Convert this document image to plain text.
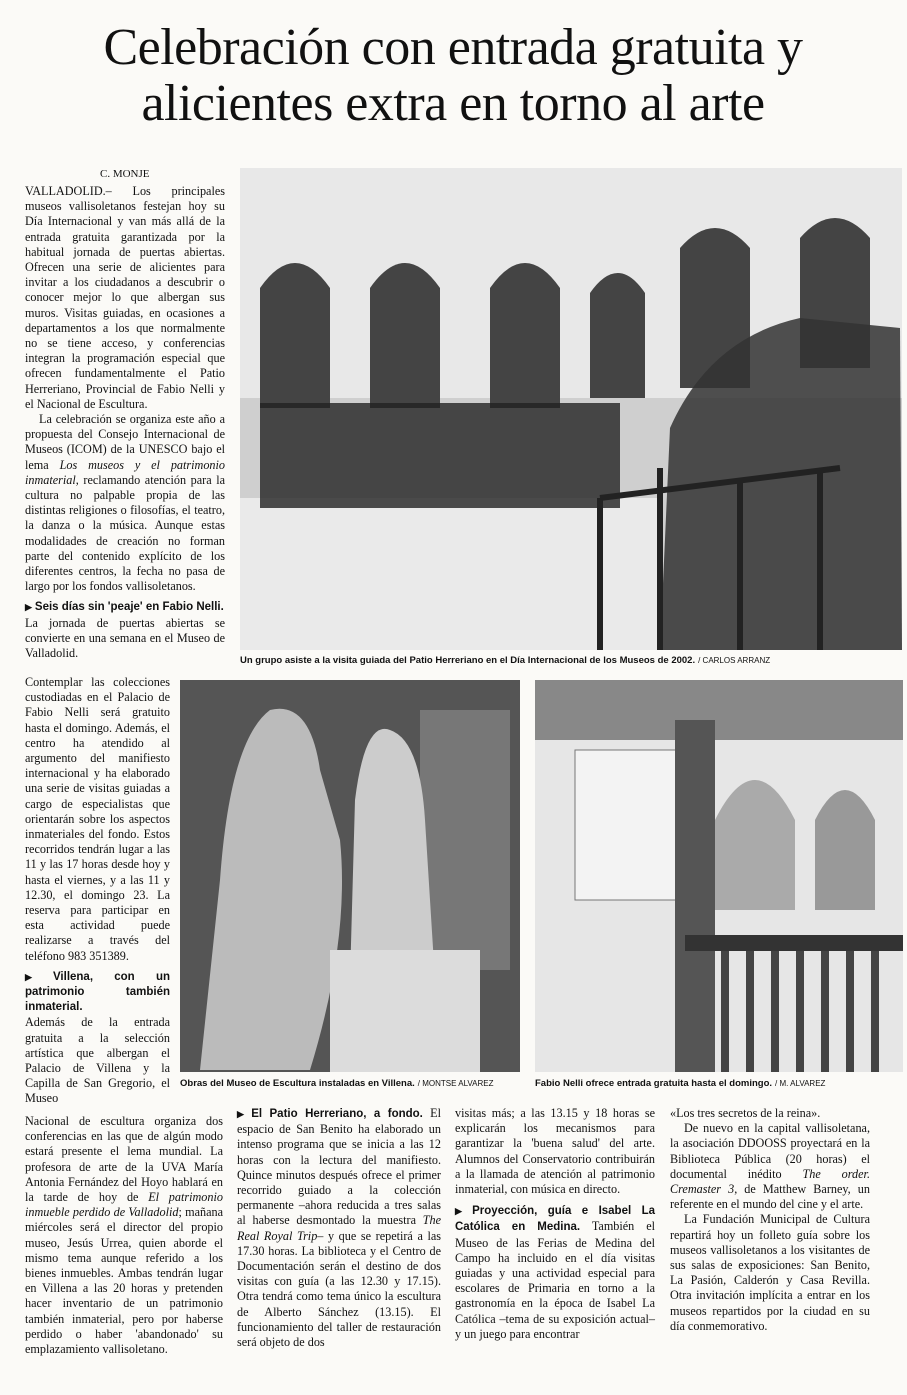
Celebración con entrada gratuita y
alicientes extra en torno al arte
C. MONJE

VALLADOLID.– Los principales museos vallisoletanos festejan hoy su Día Internacional y van más allá de la entrada gratuita garantizada por la habitual jornada de puertas abiertas. Ofrecen una serie de alicientes para invitar a los ciudadanos a descubrir o conocer mejor lo que albergan sus muros. Visitas guiadas, en ocasiones a departamentos a los que normalmente no se tiene acceso, y conferencias integran la programación especial que ofrecen fundamentalmente el Patio Herreriano, Provincial de Fabio Nelli y el Nacional de Escultura.

La celebración se organiza este año a propuesta del Consejo Internacional de Museos (ICOM) de la UNESCO bajo el lema Los museos y el patrimonio inmaterial, reclamando atención para la cultura no palpable propia de las distintas religiones o filosofías, el teatro, la danza o la música. Aunque estas modalidades de creación no forman parte del contenido explícito de los diferentes centros, la fecha no pasa de largo por los fondos vallisoletanos.

▶ Seis días sin 'peaje' en Fabio Nelli.

La jornada de puertas abiertas se convierte en una semana en el Museo de Valladolid.

Contemplar las colecciones custodiadas en el Palacio de Fabio Nelli será gratuito hasta el domingo. Además, el centro ha atendido al argumento del manifiesto internacional y ha elaborado una serie de visitas guiadas a cargo de especialistas que orientarán sobre los aspectos inmateriales del fondo. Estos recorridos tendrán lugar a las 11 y las 17 horas desde hoy y hasta el viernes, y a las 11 y 12.30, el domingo 23. La reserva para participar en esta actividad puede realizarse a través del teléfono 983 351389.

▶ Villena, con un patrimonio también inmaterial.

Además de la entrada gratuita a la selección artística que albergan el Palacio de Villena y la Capilla de San Gregorio, el Museo

Nacional de escultura organiza dos conferencias en las que de algún modo estará presente el lema mundial. La profesora de arte de la UVA María Antonia Fernández del Hoyo hablará en la tarde de hoy de El patrimonio inmueble perdido de Valladolid; mañana miércoles será el director del propio museo, Jesús Urrea, quien aborde el mismo tema aunque referido a los bienes inmuebles. Ambas tendrán lugar en Villena a las 20 horas y pretenden hacer inventario de un patrimonio también inmaterial, pero por haberse perdido o haber 'abandonado' su emplazamiento vallisoletano.

Un grupo asiste a la visita guiada del Patio Herreriano en el Día Internacional de los Museos de 2002. / CARLOS ARRANZ
Obras del Museo de Escultura instaladas en Villena. / MONTSE ALVAREZ	Fabio Nelli ofrece entrada gratuita hasta el domingo. / M. ALVAREZ

▶ El Patio Herreriano, a fondo. El espacio de San Benito ha elaborado un intenso programa que se inicia a las 12 horas con la lectura del manifiesto. Quince minutos después ofrece el primer recorrido guiado a la colección permanente –ahora reducida a tres salas al haberse desmontado la muestra The Real Royal Trip– y que se repetirá a las 17.30 horas. La biblioteca y el Centro de Documentación serán el destino de dos visitas con guía (a las 12.30 y 17.15). Otra tendrá como tema único la escultura de Alberto Sánchez (13.15). El funcionamiento del taller de restauración será objeto de dos

visitas más; a las 13.15 y 18 horas se explicarán los mecanismos para garantizar la 'buena salud' del arte. Alumnos del Conservatorio contribuirán a la llamada de atención al patrimonio inmaterial, con música en directo.

▶ Proyección, guía e Isabel La Católica en Medina. También el Museo de las Ferias de Medina del Campo ha incluido en el día visitas guiadas y una actividad especial para escolares de Primaria en torno a la gastronomía en la época de Isabel La Católica –tema de su exposición actual– y un juego para encontrar

«Los tres secretos de la reina».

De nuevo en la capital vallisoletana, la asociación DDOOSS proyectará en la Biblioteca Pública (20 horas) el documental inédito The order. Cremaster 3, de Matthew Barney, un referente en el mundo del cine y el arte.

La Fundación Municipal de Cultura repartirá hoy un folleto guía sobre los museos vallisoletanos a los visitantes de sus salas de exposiciones: San Benito, La Pasión, Calderón y Casa Revilla. Otra invitación implícita a entrar en los museos repartidos por la ciudad en su día conmemorativo.
